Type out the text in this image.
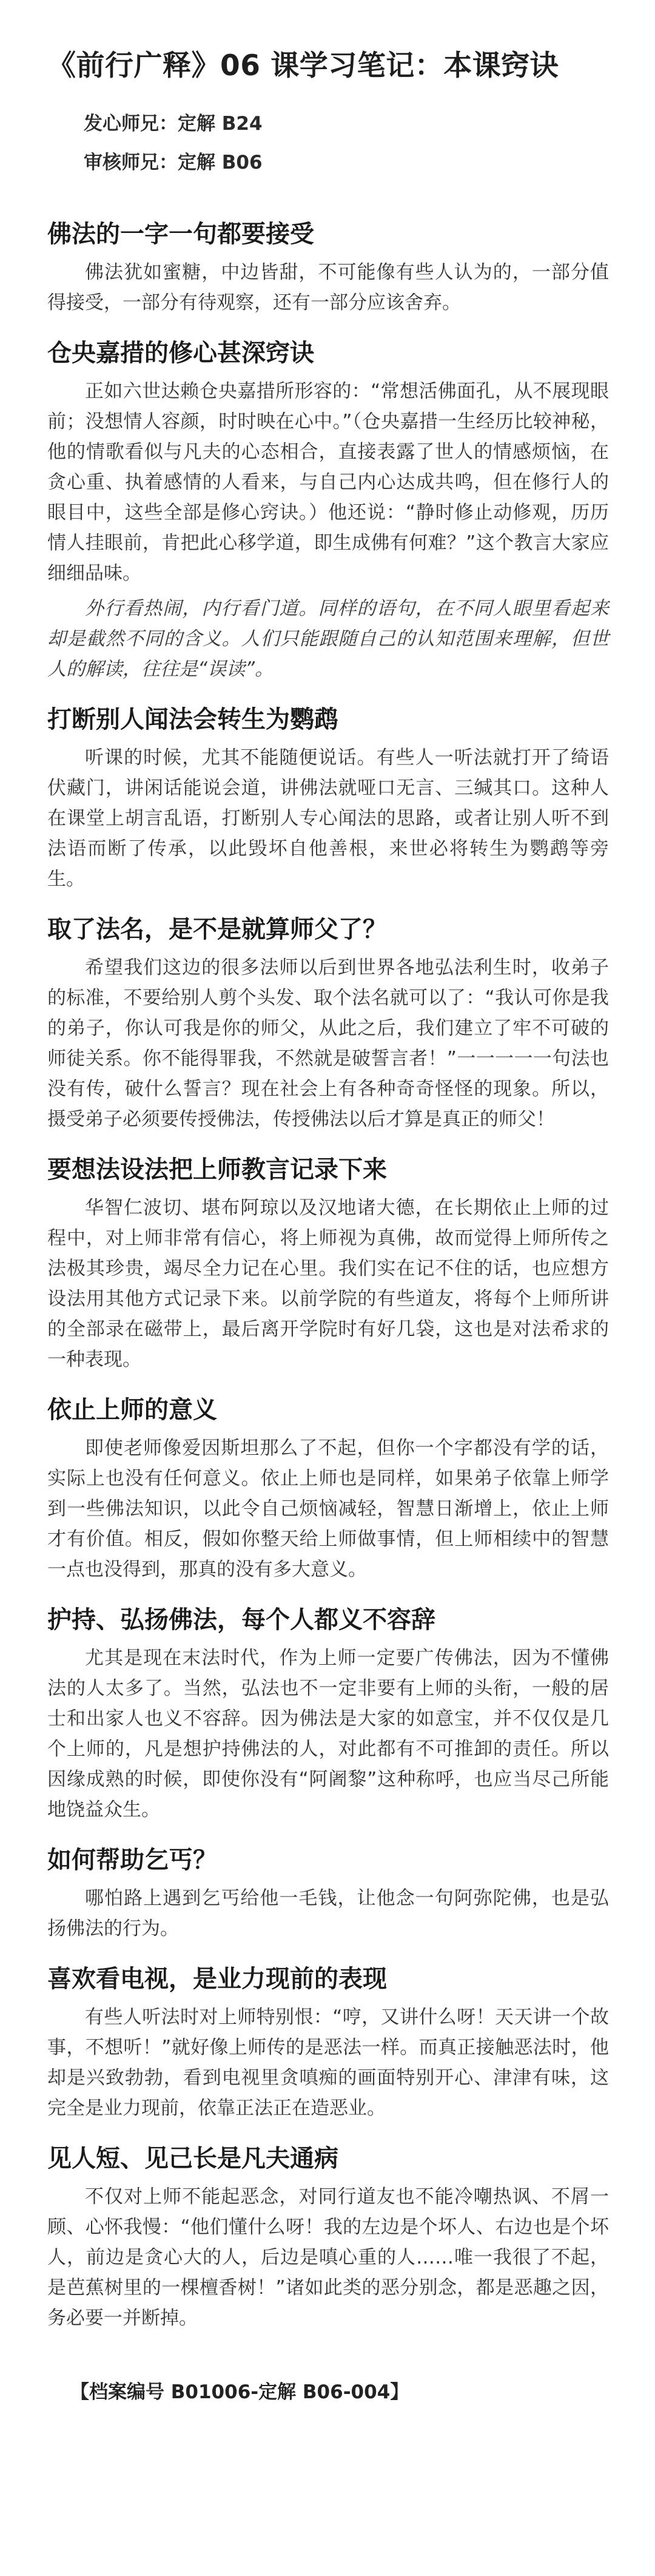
《前行广释》06 课学习笔记：本课窍诀
发心师兄：定解 B24
审核师兄：定解 B06
佛法的一字一句都要接受

佛法犹如蜜糖，中边皆甜，不可能像有些人认为的，一部分值得接受，一部分有待观察，还有一部分应该舍弃。

仓央嘉措的修心甚深窍诀

正如六世达赖仓央嘉措所形容的：“常想活佛面孔，从不展现眼前；没想情人容颜，时时映在心中。”（仓央嘉措一生经历比较神秘，他的情歌看似与凡夫的心态相合，直接表露了世人的情感烦恼，在贪心重、执着感情的人看来，与自己内心达成共鸣，但在修行人的眼目中，这些全部是修心窍诀。）他还说：“静时修止动修观，历历情人挂眼前，肯把此心移学道，即生成佛有何难？”这个教言大家应细细品味。

外行看热闹，内行看门道。同样的语句，在不同人眼里看起来却是截然不同的含义。人们只能跟随自己的认知范围来理解，但世人的解读，往往是“误读”。

打断别人闻法会转生为鹦鹉

听课的时候，尤其不能随便说话。有些人一听法就打开了绮语伏藏门，讲闲话能说会道，讲佛法就哑口无言、三缄其口。这种人在课堂上胡言乱语，打断别人专心闻法的思路，或者让别人听不到法语而断了传承，以此毁坏自他善根，来世必将转生为鹦鹉等旁生。

取了法名，是不是就算师父了？

希望我们这边的很多法师以后到世界各地弘法利生时，收弟子的标准，不要给别人剪个头发、取个法名就可以了：“我认可你是我的弟子，你认可我是你的师父，从此之后，我们建立了牢不可破的师徒关系。你不能得罪我，不然就是破誓言者！”一一一一一句法也没有传，破什么誓言？现在社会上有各种奇奇怪怪的现象。所以，摄受弟子必须要传授佛法，传授佛法以后才算是真正的师父！

要想法设法把上师教言记录下来

华智仁波切、堪布阿琼以及汉地诸大德，在长期依止上师的过程中，对上师非常有信心，将上师视为真佛，故而觉得上师所传之法极其珍贵，竭尽全力记在心里。我们实在记不住的话，也应想方设法用其他方式记录下来。以前学院的有些道友，将每个上师所讲的全部录在磁带上，最后离开学院时有好几袋，这也是对法希求的一种表现。

依止上师的意义

即使老师像爱因斯坦那么了不起，但你一个字都没有学的话，实际上也没有任何意义。依止上师也是同样，如果弟子依靠上师学到一些佛法知识，以此令自己烦恼减轻，智慧日渐增上，依止上师才有价值。相反，假如你整天给上师做事情，但上师相续中的智慧一点也没得到，那真的没有多大意义。

护持、弘扬佛法，每个人都义不容辞

尤其是现在末法时代，作为上师一定要广传佛法，因为不懂佛法的人太多了。当然，弘法也不一定非要有上师的头衔，一般的居士和出家人也义不容辞。因为佛法是大家的如意宝，并不仅仅是几个上师的，凡是想护持佛法的人，对此都有不可推卸的责任。所以因缘成熟的时候，即使你没有“阿阇黎”这种称呼，也应当尽己所能地饶益众生。

如何帮助乞丐？

哪怕路上遇到乞丐给他一毛钱，让他念一句阿弥陀佛，也是弘扬佛法的行为。

喜欢看电视，是业力现前的表现

有些人听法时对上师特别恨：“哼，又讲什么呀！天天讲一个故事，不想听！”就好像上师传的是恶法一样。而真正接触恶法时，他却是兴致勃勃，看到电视里贪嗔痴的画面特别开心、津津有味，这完全是业力现前，依靠正法正在造恶业。

见人短、见己长是凡夫通病

不仅对上师不能起恶念，对同行道友也不能冷嘲热讽、不屑一顾、心怀我慢：“他们懂什么呀！我的左边是个坏人、右边也是个坏人，前边是贪心大的人，后边是嗔心重的人……唯一我很了不起，是芭蕉树里的一棵檀香树！”诸如此类的恶分别念，都是恶趣之因，务必要一并断掉。

【档案编号 B01006-定解 B06-004】
